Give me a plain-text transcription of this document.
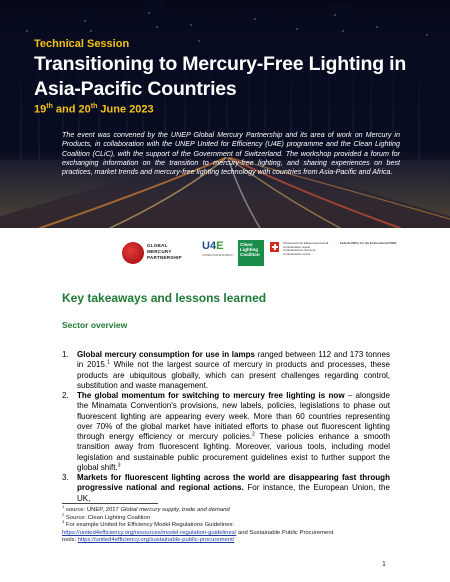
Technical Session
Transitioning to Mercury-Free Lighting in Asia-Pacific Countries
19th and 20th June 2023
The event was convened by the UNEP Global Mercury Partnership and its area of work on Mercury in Products, in collaboration with the UNEP United for Efficiency (U4E) programme and the Clean Lighting Coalition (CLiC), with the support of the Government of Switzerland. The workshop provided a forum for exchanging information on the transition to mercury-free lighting, and sharing experiences on best practices, market trends and mercury-free lighting technology with countries from Asia-Pacific and Africa.
GLOBAL
MERCURY
PARTNERSHIP
U4E
UNITED FOR EFFICIENCY
Clean
Lighting
Coalition
Schweizerische Eidgenossenschaft Confédération suisse Confederazione Svizzera Confederaziun svizra
Federal Office for the Environment FOEN
Key takeaways and lessons learned
Sector overview
1. Global mercury consumption for use in lamps ranged between 112 and 173 tonnes in 2015.$^1$ While not the largest source of mercury in products and processes, these products are ubiquitous globally, which can present challenges regarding control, substitution and waste management.
2. The global momentum for switching to mercury free lighting is now – alongside the Minamata Convention's provisions, new labels, policies, legislations to phase out fluorescent lighting are appearing every week. More than 60 countries representing over 70% of the global market have initiated efforts to phase out fluorescent lighting through energy efficiency or mercury policies.$^2$ These policies enhance a smooth transition away from fluorescent lighting. Moreover, various tools, including model legislation and sustainable public procurement guidelines exist to further support the global shift.$^3$
3. Markets for fluorescent lighting across the world are disappearing fast through progressive national and regional actions. For instance, the European Union, the UK,
$^1$ source: UNEP, 2017 Global mercury supply, trade and demand
$^2$ Source: Clean Lighting Coalition
$^3$ For example United for Efficiency Model Regulations Guidelines:
https://united4efficiency.org/resources/model-regulation-guidelines/ and Sustainable Public Procurement
tools: https://united4efficiency.org/sustainable-public-procurement/
1
